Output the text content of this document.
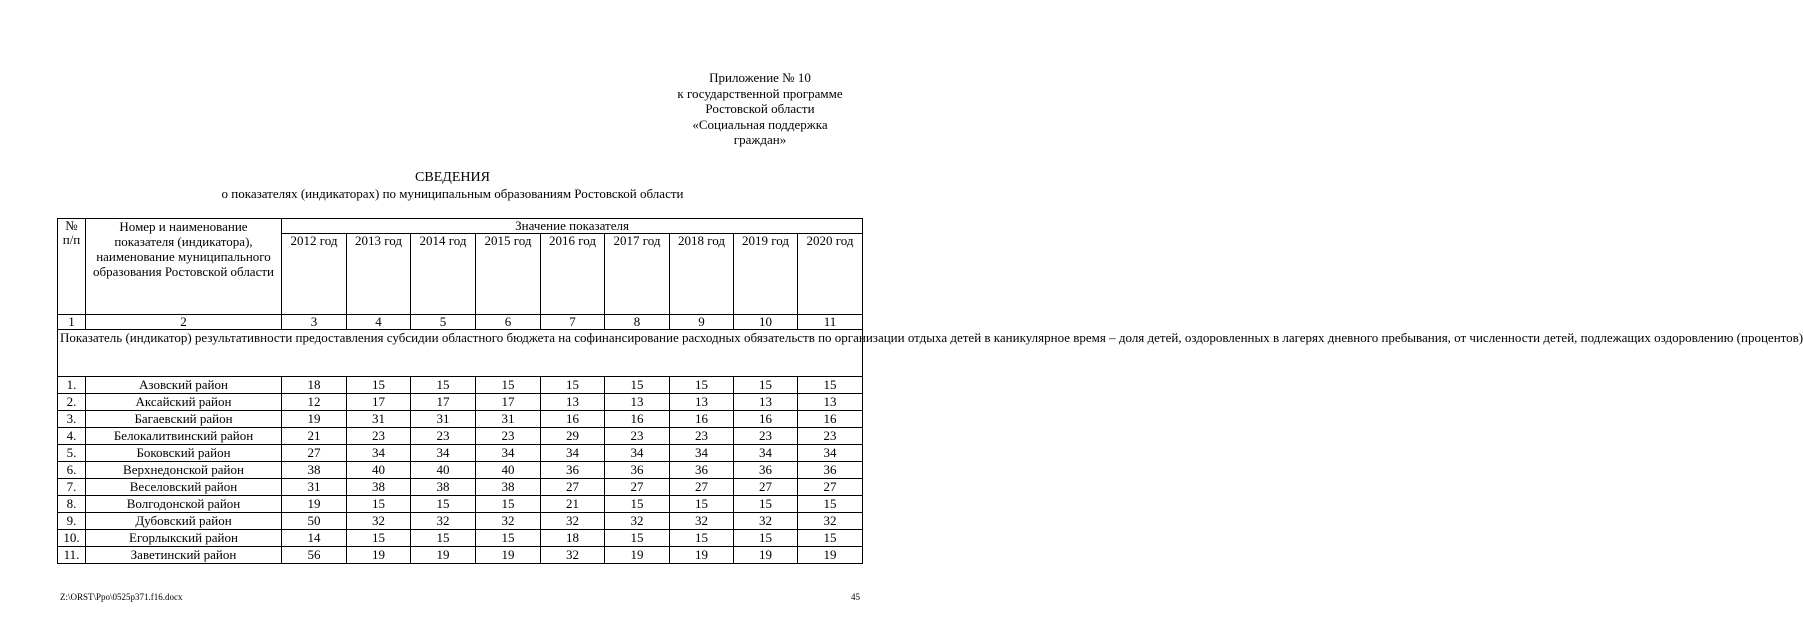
Приложение № 10
к государственной программе
Ростовской области
«Социальная поддержка
граждан»
СВЕДЕНИЯ
о показателях (индикаторах) по муниципальным образованиям Ростовской области
№
п/п	Номер и наименование показателя (индикатора), наименование муниципального образования Ростовской области	Значение показателя								
		2012 год	2013 год	2014 год	2015 год	2016 год	2017 год	2018 год	2019 год	2020 год
1	2	3	4	5	6	7	8	9	10	11
Показатель (индикатор) результативности предоставления субсидии областного бюджета на софинансирование расходных обязательств по организации отдыха детей в каникулярное время – доля детей, оздоровленных в лагерях дневного пребывания, от численности детей, подлежащих оздоровлению (процентов)										
1.	Азовский район	18	15	15	15	15	15	15	15	15
2.	Аксайский район	12	17	17	17	13	13	13	13	13
3.	Багаевский район	19	31	31	31	16	16	16	16	16
4.	Белокалитвинский район	21	23	23	23	29	23	23	23	23
5.	Боковский район	27	34	34	34	34	34	34	34	34
6.	Верхнедонской район	38	40	40	40	36	36	36	36	36
7.	Веселовский район	31	38	38	38	27	27	27	27	27
8.	Волгодонской район	19	15	15	15	21	15	15	15	15
9.	Дубовский район	50	32	32	32	32	32	32	32	32
10.	Егорлыкский район	14	15	15	15	18	15	15	15	15
11.	Заветинский район	56	19	19	19	32	19	19	19	19
Z:\ORST\Ppo\0525p371.f16.docx	45
